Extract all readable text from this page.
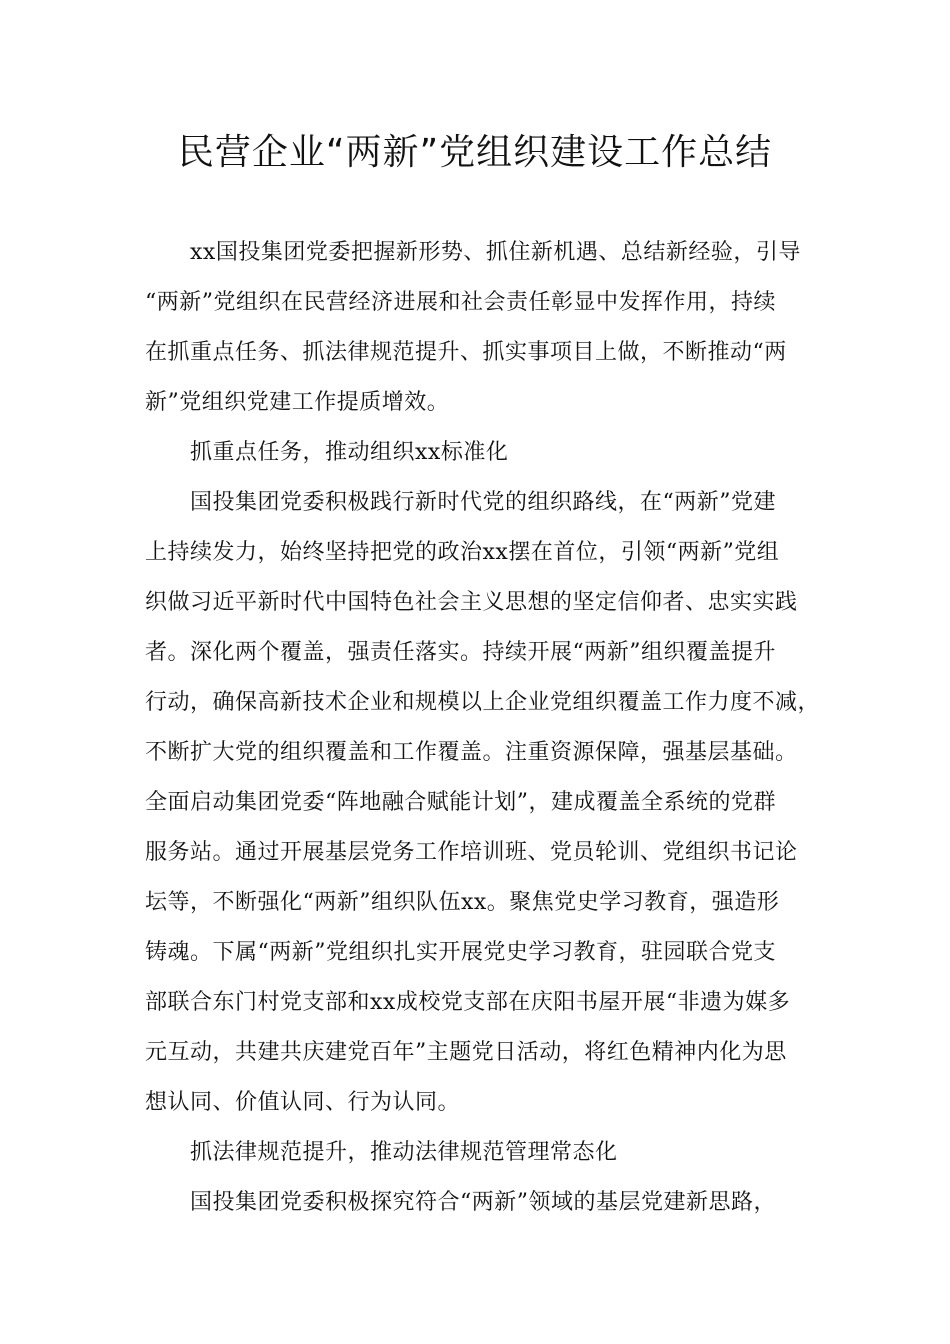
民营企业“两新”党组织建设工作总结
xx国投集团党委把握新形势、抓住新机遇、总结新经验，引导
“两新”党组织在民营经济进展和社会责任彰显中发挥作用，持续
在抓重点任务、抓法律规范提升、抓实事项目上做，不断推动“两
新”党组织党建工作提质增效。
抓重点任务，推动组织xx标准化
国投集团党委积极践行新时代党的组织路线，在“两新”党建
上持续发力，始终坚持把党的政治xx摆在首位，引领“两新”党组
织做习近平新时代中国特色社会主义思想的坚定信仰者、忠实实践
者。深化两个覆盖，强责任落实。持续开展“两新”组织覆盖提升
行动，确保高新技术企业和规模以上企业党组织覆盖工作力度不减，
不断扩大党的组织覆盖和工作覆盖。注重资源保障，强基层基础。
全面启动集团党委“阵地融合赋能计划”，建成覆盖全系统的党群
服务站。通过开展基层党务工作培训班、党员轮训、党组织书记论
坛等，不断强化“两新”组织队伍xx。聚焦党史学习教育，强造形
铸魂。下属“两新”党组织扎实开展党史学习教育，驻园联合党支
部联合东门村党支部和xx成校党支部在庆阳书屋开展“非遗为媒多
元互动，共建共庆建党百年”主题党日活动，将红色精神内化为思
想认同、价值认同、行为认同。
抓法律规范提升，推动法律规范管理常态化
国投集团党委积极探究符合“两新”领域的基层党建新思路，
